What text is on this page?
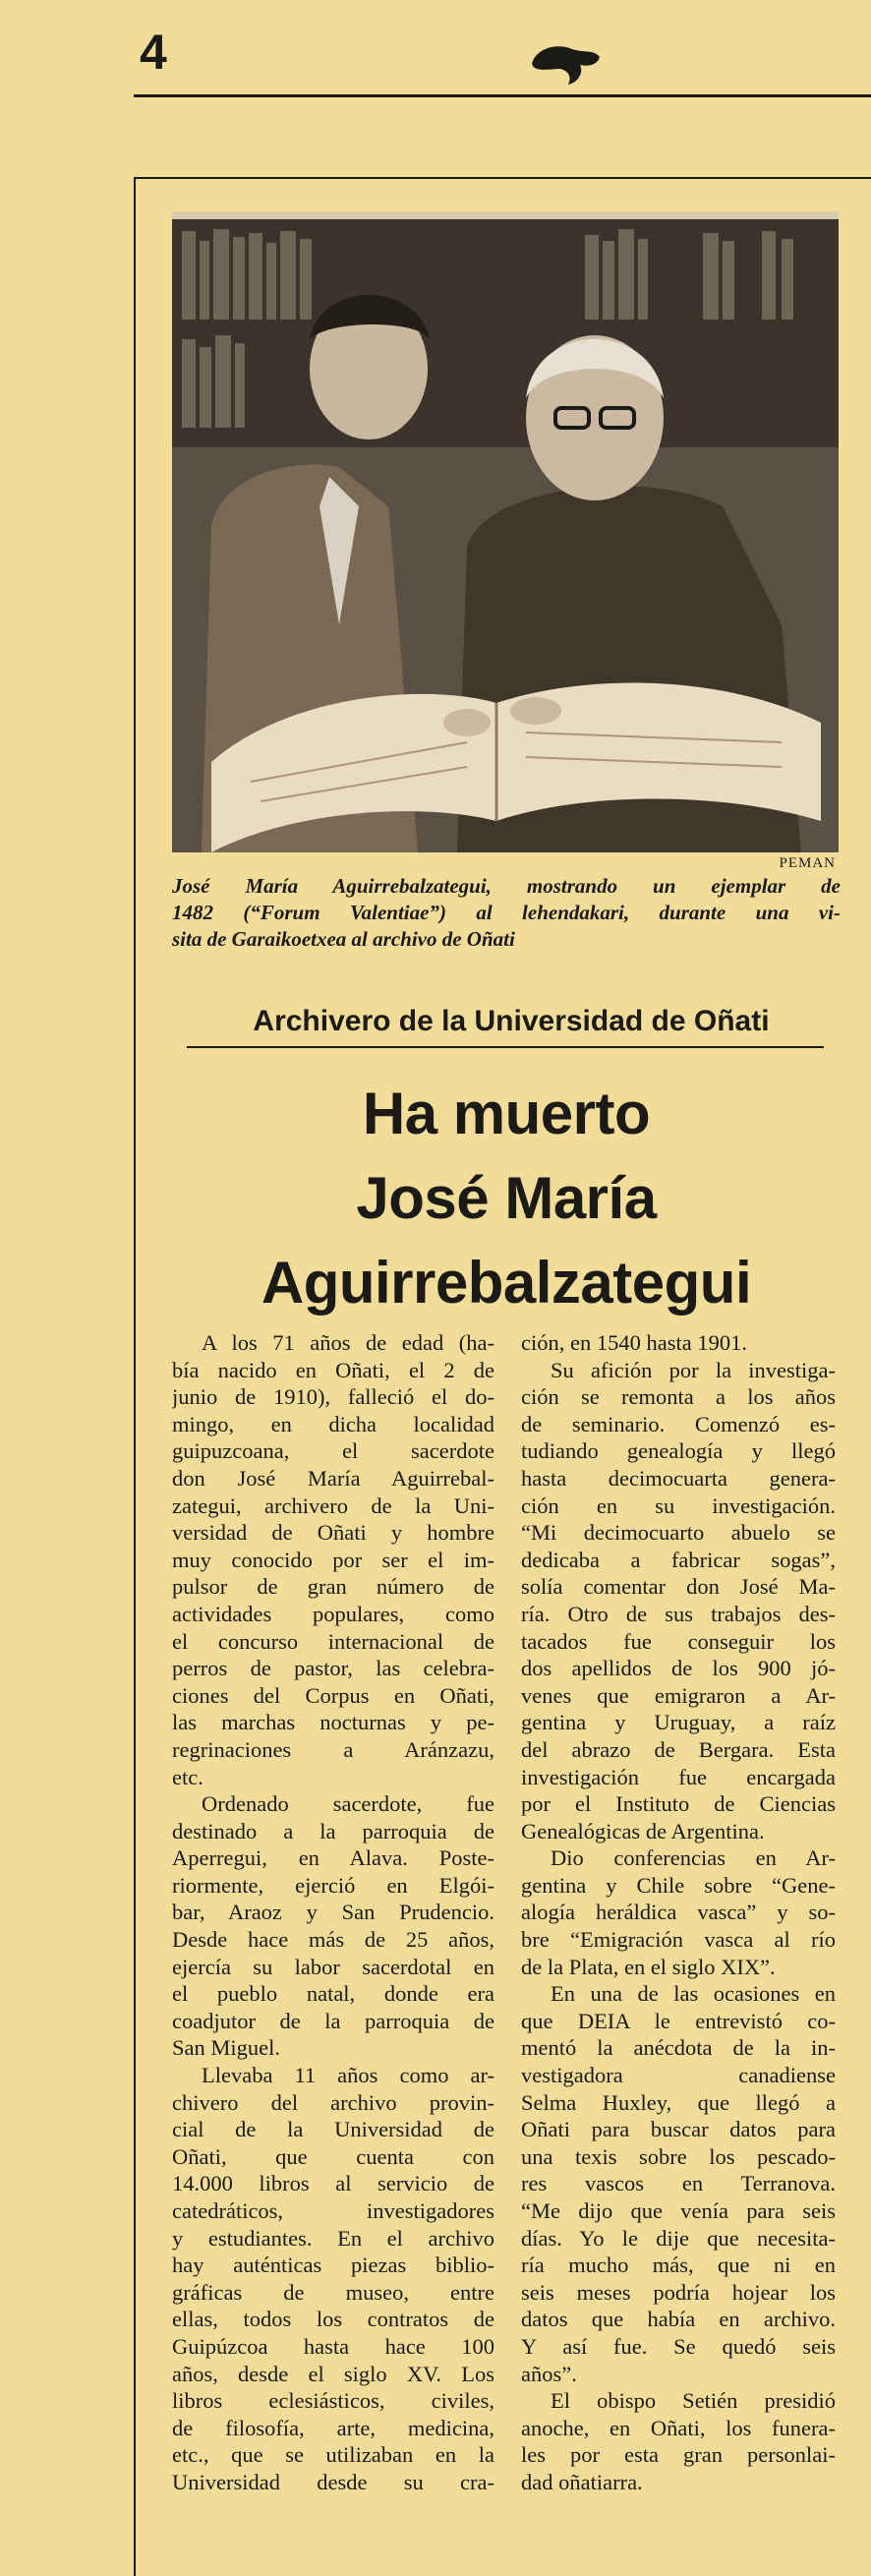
4
PEMAN
José María Aguirrebalzategui, mostrando un ejemplar de
1482 (“Forum Valentiae”) al lehendakari, durante una vi-
sita de Garaikoetxea al archivo de Oñati
Archivero de la Universidad de Oñati
Ha muerto
José María
Aguirrebalzategui
A los 71 años de edad (ha-
bía nacido en Oñati, el 2 de
junio de 1910), falleció el do-
mingo, en dicha localidad
guipuzcoana, el sacerdote
don José María Aguirrebal-
zategui, archivero de la Uni-
versidad de Oñati y hombre
muy conocido por ser el im-
pulsor de gran número de
actividades populares, como
el concurso internacional de
perros de pastor, las celebra-
ciones del Corpus en Oñati,
las marchas nocturnas y pe-
regrinaciones a Aránzazu,
etc.
Ordenado sacerdote, fue
destinado a la parroquia de
Aperregui, en Alava. Poste-
riormente, ejerció en Elgói-
bar, Araoz y San Prudencio.
Desde hace más de 25 años,
ejercía su labor sacerdotal en
el pueblo natal, donde era
coadjutor de la parroquia de
San Miguel.
Llevaba 11 años como ar-
chivero del archivo provin-
cial de la Universidad de
Oñati, que cuenta con
14.000 libros al servicio de
catedráticos, investigadores
y estudiantes. En el archivo
hay auténticas piezas biblio-
gráficas de museo, entre
ellas, todos los contratos de
Guipúzcoa hasta hace 100
años, desde el siglo XV. Los
libros eclesiásticos, civiles,
de filosofía, arte, medicina,
etc., que se utilizaban en la
Universidad desde su cra-
ción, en 1540 hasta 1901.
Su afición por la investiga-
ción se remonta a los años
de seminario. Comenzó es-
tudiando genealogía y llegó
hasta decimocuarta genera-
ción en su investigación.
“Mi decimocuarto abuelo se
dedicaba a fabricar sogas”,
solía comentar don José Ma-
ría. Otro de sus trabajos des-
tacados fue conseguir los
dos apellidos de los 900 jó-
venes que emigraron a Ar-
gentina y Uruguay, a raíz
del abrazo de Bergara. Esta
investigación fue encargada
por el Instituto de Ciencias
Genealógicas de Argentina.
Dio conferencias en Ar-
gentina y Chile sobre “Gene-
alogía heráldica vasca” y so-
bre “Emigración vasca al río
de la Plata, en el siglo XIX”.
En una de las ocasiones en
que DEIA le entrevistó co-
mentó la anécdota de la in-
vestigadora canadiense
Selma Huxley, que llegó a
Oñati para buscar datos para
una texis sobre los pescado-
res vascos en Terranova.
“Me dijo que venía para seis
días. Yo le dije que necesita-
ría mucho más, que ni en
seis meses podría hojear los
datos que había en archivo.
Y así fue. Se quedó seis
años”.
El obispo Setién presidió
anoche, en Oñati, los funera-
les por esta gran personlai-
dad oñatiarra.
